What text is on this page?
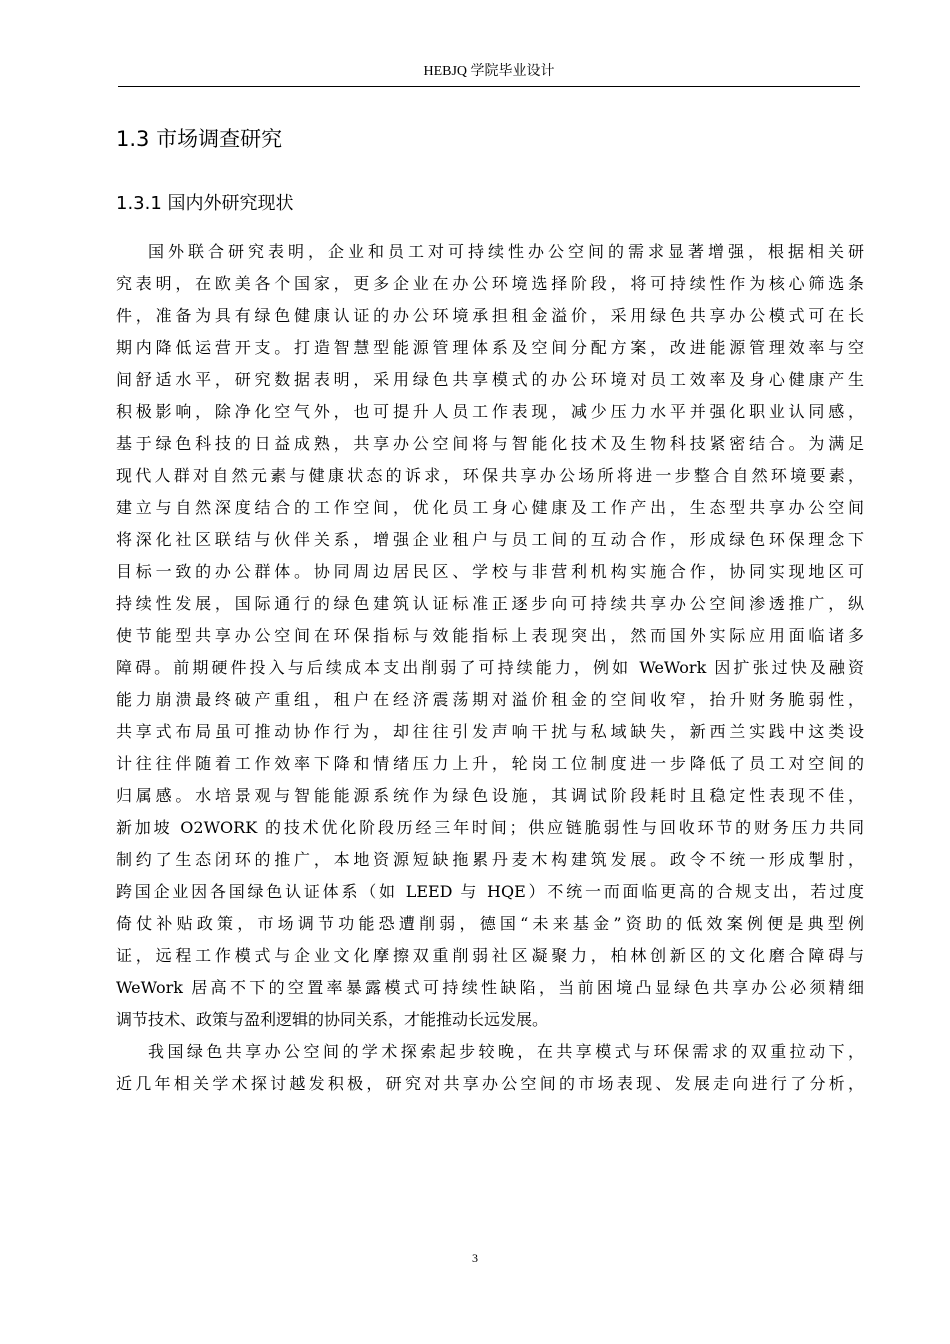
HEBJQ 学院毕业设计
1.3 市场调查研究
1.3.1 国内外研究现状
国外联合研究表明，企业和员工对可持续性办公空间的需求显著增强，根据相关研
究表明，在欧美各个国家，更多企业在办公环境选择阶段，将可持续性作为核心筛选条
件，准备为具有绿色健康认证的办公环境承担租金溢价，采用绿色共享办公模式可在长
期内降低运营开支。打造智慧型能源管理体系及空间分配方案，改进能源管理效率与空
间舒适水平，研究数据表明，采用绿色共享模式的办公环境对员工效率及身心健康产生
积极影响，除净化空气外，也可提升人员工作表现，减少压力水平并强化职业认同感，
基于绿色科技的日益成熟，共享办公空间将与智能化技术及生物科技紧密结合。为满足
现代人群对自然元素与健康状态的诉求，环保共享办公场所将进一步整合自然环境要素，
建立与自然深度结合的工作空间，优化员工身心健康及工作产出，生态型共享办公空间
将深化社区联结与伙伴关系，增强企业租户与员工间的互动合作，形成绿色环保理念下
目标一致的办公群体。协同周边居民区、学校与非营利机构实施合作，协同实现地区可
持续性发展，国际通行的绿色建筑认证标准正逐步向可持续共享办公空间渗透推广，纵
使节能型共享办公空间在环保指标与效能指标上表现突出，然而国外实际应用面临诸多
障碍。前期硬件投入与后续成本支出削弱了可持续能力，例如 WeWork 因扩张过快及融资
能力崩溃最终破产重组，租户在经济震荡期对溢价租金的空间收窄，抬升财务脆弱性，
共享式布局虽可推动协作行为，却往往引发声响干扰与私域缺失，新西兰实践中这类设
计往往伴随着工作效率下降和情绪压力上升，轮岗工位制度进一步降低了员工对空间的
归属感。水培景观与智能能源系统作为绿色设施，其调试阶段耗时且稳定性表现不佳，
新加坡 O2WORK 的技术优化阶段历经三年时间；供应链脆弱性与回收环节的财务压力共同
制约了生态闭环的推广，本地资源短缺拖累丹麦木构建筑发展。政令不统一形成掣肘，
跨国企业因各国绿色认证体系（如 LEED 与 HQE）不统一而面临更高的合规支出，若过度
倚仗补贴政策，市场调节功能恐遭削弱，德国“未来基金”资助的低效案例便是典型例
证，远程工作模式与企业文化摩擦双重削弱社区凝聚力，柏林创新区的文化磨合障碍与
WeWork 居高不下的空置率暴露模式可持续性缺陷，当前困境凸显绿色共享办公必须精细
调节技术、政策与盈利逻辑的协同关系，才能推动长远发展。
我国绿色共享办公空间的学术探索起步较晚，在共享模式与环保需求的双重拉动下，
近几年相关学术探讨越发积极，研究对共享办公空间的市场表现、发展走向进行了分析，
3
